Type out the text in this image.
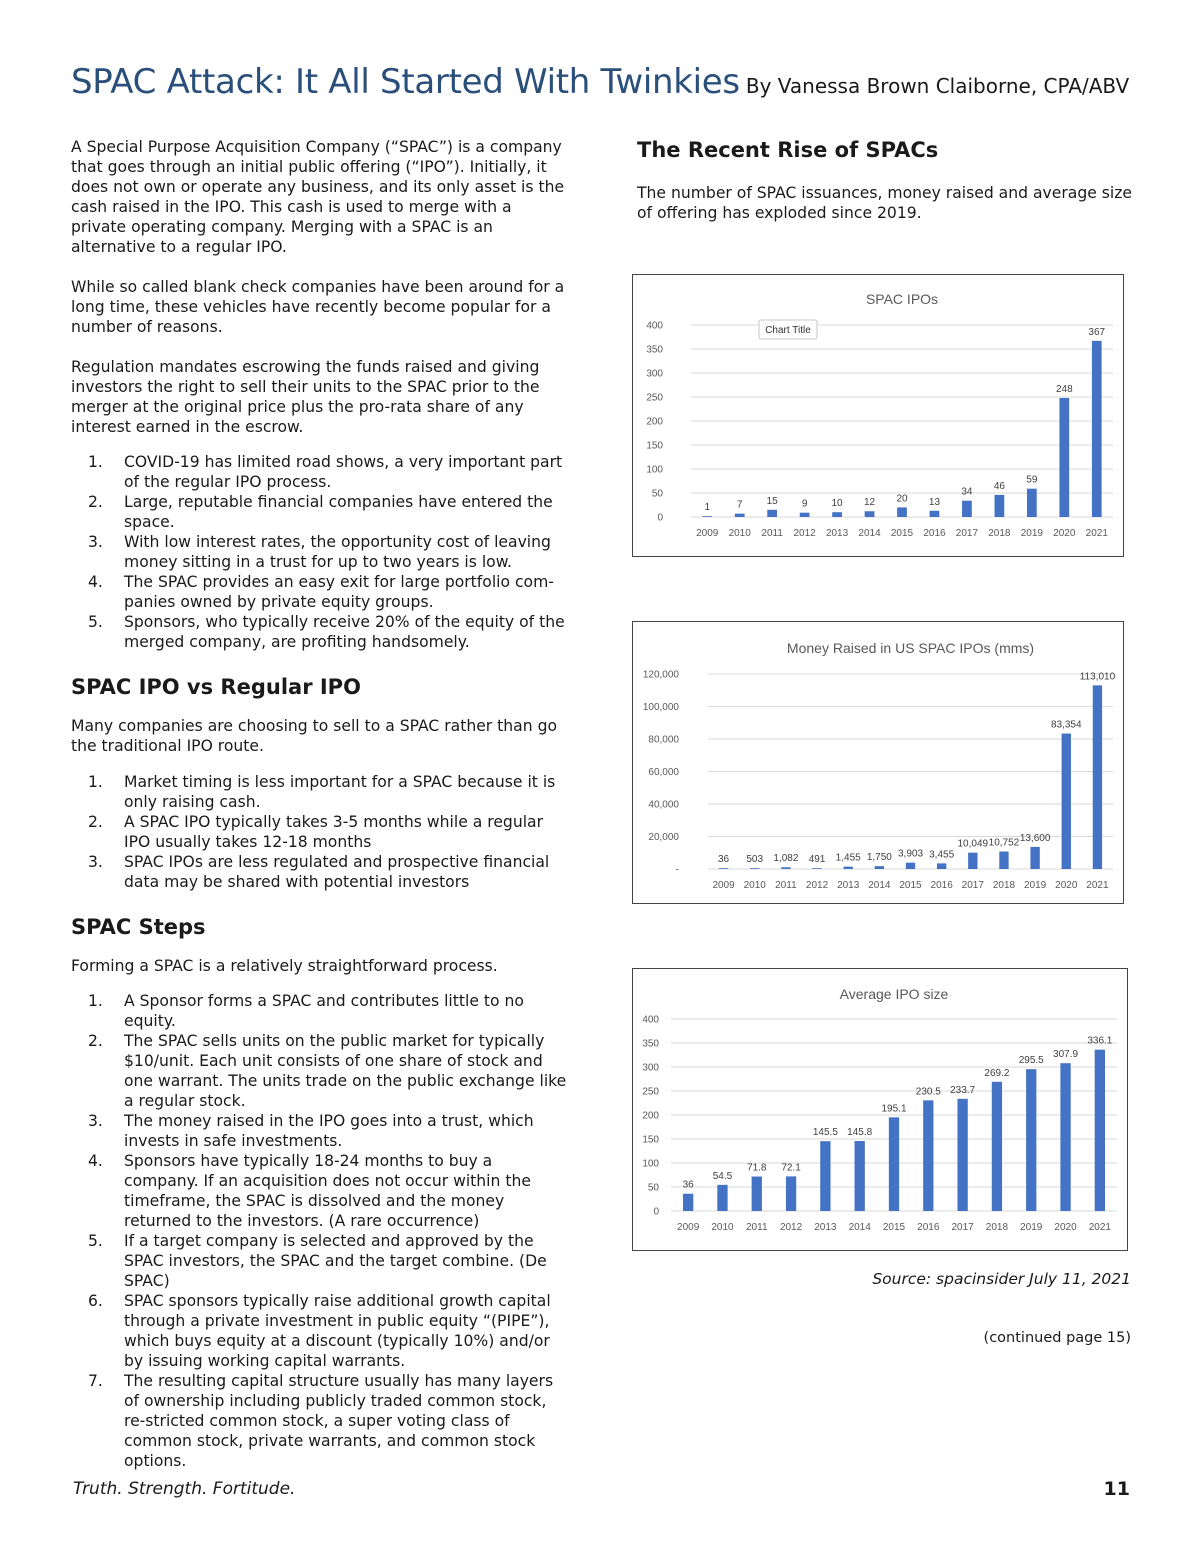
SPAC Attack: It All Started With Twinkies By Vanessa Brown Claiborne, CPA/ABV

A Special Purpose Acquisition Company (“SPAC”) is a company that goes through an initial public offering (“IPO”). Initially, it does not own or operate any business, and its only asset is the cash raised in the IPO. This cash is used to merge with a private operating company. Merging with a SPAC is an alternative to a regular IPO.

While so called blank check companies have been around for a long time, these vehicles have recently become popular for a number of reasons.

Regulation mandates escrowing the funds raised and giving investors the right to sell their units to the SPAC prior to the merger at the original price plus the pro-rata share of any interest earned in the escrow.

1. COVID-19 has limited road shows, a very important part of the regular IPO process.
2. Large, reputable financial companies have entered the space.
3. With low interest rates, the opportunity cost of leaving money sitting in a trust for up to two years is low.
4. The SPAC provides an easy exit for large portfolio com-panies owned by private equity groups.
5. Sponsors, who typically receive 20% of the equity of the merged company, are profiting handsomely.
SPAC IPO vs Regular IPO

Many companies are choosing to sell to a SPAC rather than go the traditional IPO route.

1. Market timing is less important for a SPAC because it is only raising cash.
2. A SPAC IPO typically takes 3-5 months while a regular IPO usually takes 12-18 months
3. SPAC IPOs are less regulated and prospective financial data may be shared with potential investors
SPAC Steps

Forming a SPAC is a relatively straightforward process.

1. A Sponsor forms a SPAC and contributes little to no equity.
2. The SPAC sells units on the public market for typically $10/unit. Each unit consists of one share of stock and one warrant. The units trade on the public exchange like a regular stock.
3. The money raised in the IPO goes into a trust, which invests in safe investments.
4. Sponsors have typically 18-24 months to buy a company. If an acquisition does not occur within the timeframe, the SPAC is dissolved and the money returned to the investors. (A rare occurrence)
5. If a target company is selected and approved by the SPAC investors, the SPAC and the target combine. (De SPAC)
6. SPAC sponsors typically raise additional growth capital through a private investment in public equity “(PIPE”), which buys equity at a discount (typically 10%) and/or by issuing working capital warrants.
7. The resulting capital structure usually has many layers of ownership including publicly traded common stock, re-stricted common stock, a super voting class of common stock, private warrants, and common stock options.
The Recent Rise of SPACs

The number of SPAC issuances, money raised and average size of offering has exploded since 2019.

SPAC IPOs
0
50
100
150
200
250
300
350
400
1
2009
7
2010
15
2011
9
2012
10
2013
12
2014
20
2015
13
2016
34
2017
46
2018
59
2019
248
2020
367
2021
Chart Title
Money Raised in US SPAC IPOs (mms)
-
20,000
40,000
60,000
80,000
100,000
120,000
36
2009
503
2010
1,082
2011
491
2012
1,455
2013
1,750
2014
3,903
2015
3,455
2016
10,049
2017
10,752
2018
13,600
2019
83,354
2020
113,010
2021
Average IPO size
0
50
100
150
200
250
300
350
400
36
2009
54.5
2010
71.8
2011
72.1
2012
145.5
2013
145.8
2014
195.1
2015
230.5
2016
233.7
2017
269.2
2018
295.5
2019
307.9
2020
336.1
2021
Source: spacinsider July 11, 2021
(continued page 15)
Truth. Strength. Fortitude.	11
